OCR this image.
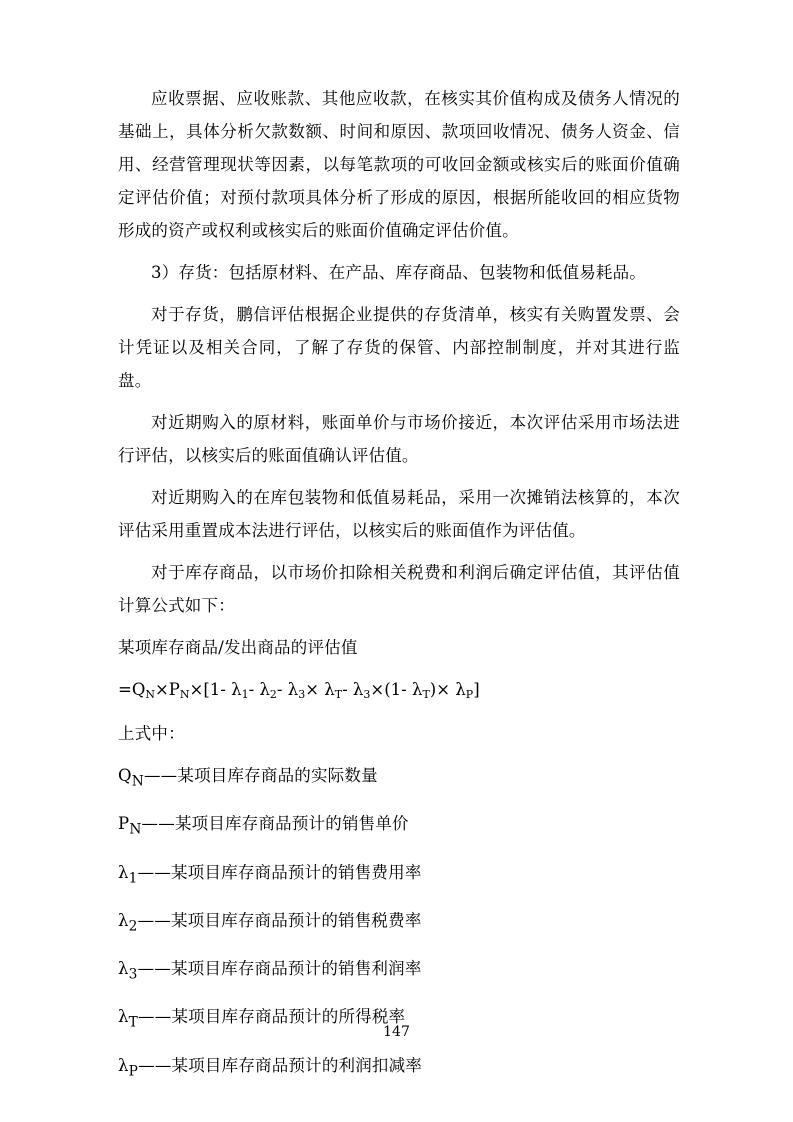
应收票据、应收账款、其他应收款，在核实其价值构成及债务人情况的基础上，具体分析欠款数额、时间和原因、款项回收情况、债务人资金、信用、经营管理现状等因素，以每笔款项的可收回金额或核实后的账面价值确定评估价值；对预付款项具体分析了形成的原因，根据所能收回的相应货物形成的资产或权利或核实后的账面价值确定评估价值。

3）存货：包括原材料、在产品、库存商品、包装物和低值易耗品。

对于存货，鹏信评估根据企业提供的存货清单，核实有关购置发票、会计凭证以及相关合同，了解了存货的保管、内部控制制度，并对其进行监盘。

对近期购入的原材料，账面单价与市场价接近，本次评估采用市场法进行评估，以核实后的账面值确认评估值。

对近期购入的在库包装物和低值易耗品，采用一次摊销法核算的，本次评估采用重置成本法进行评估，以核实后的账面值作为评估值。

对于库存商品，以市场价扣除相关税费和利润后确定评估值，其评估值计算公式如下：

某项库存商品/发出商品的评估值

$=Q_N\times P_N\times[1-$ $\lambda_1-$ $\lambda_2-$ $\lambda_3\times \lambda_T-$ $\lambda_3\times(1-$ $\lambda_T)\times \lambda_P$]

上式中：

$Q_N——$某项目库存商品的实际数量

$P_N——$某项目库存商品预计的销售单价

$\lambda_1——$某项目库存商品预计的销售费用率

$\lambda_2——$某项目库存商品预计的销售税费率

$\lambda_3——$某项目库存商品预计的销售利润率

$\lambda_T——$某项目库存商品预计的所得税率

$\lambda_P——$某项目库存商品预计的利润扣减率

147
